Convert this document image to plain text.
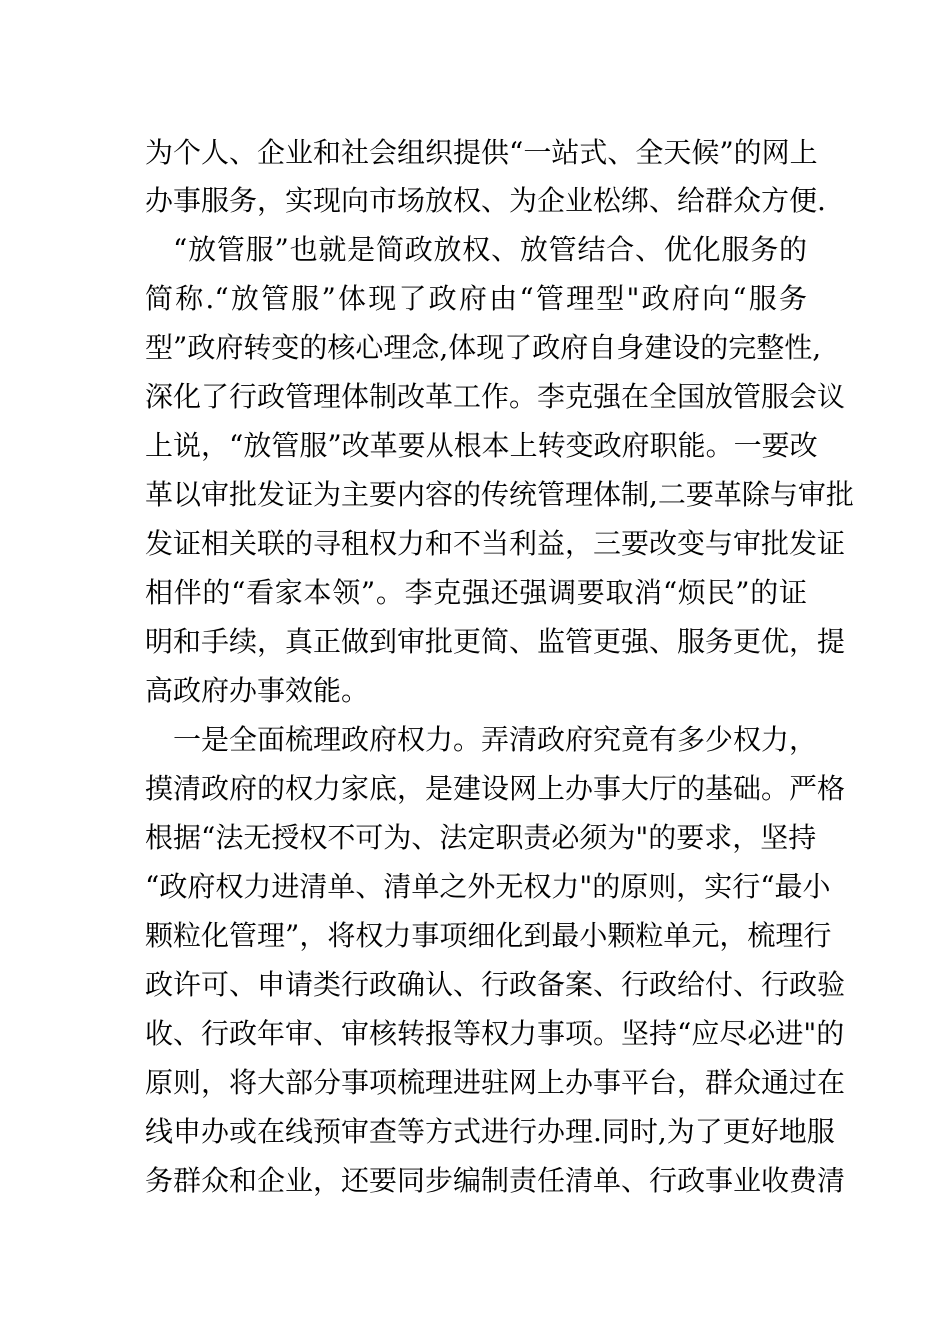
为个人、企业和社会组织提供“一站式、全天候”的网上
办事服务，实现向市场放权、为企业松绑、给群众方便.
“放管服”也就是简政放权、放管结合、优化服务的
简称.“放管服”体现了政府由“管理型"政府向“服务
型”政府转变的核心理念,体现了政府自身建设的完整性,
深化了行政管理体制改革工作。李克强在全国放管服会议
上说，“放管服”改革要从根本上转变政府职能。一要改
革以审批发证为主要内容的传统管理体制,二要革除与审批
发证相关联的寻租权力和不当利益，三要改变与审批发证
相伴的“看家本领”。李克强还强调要取消“烦民”的证
明和手续，真正做到审批更简、监管更强、服务更优，提
高政府办事效能。
一是全面梳理政府权力。弄清政府究竟有多少权力，
摸清政府的权力家底，是建设网上办事大厅的基础。严格
根据“法无授权不可为、法定职责必须为"的要求，坚持
“政府权力进清单、清单之外无权力"的原则，实行“最小
颗粒化管理”，将权力事项细化到最小颗粒单元，梳理行
政许可、申请类行政确认、行政备案、行政给付、行政验
收、行政年审、审核转报等权力事项。坚持“应尽必进"的
原则，将大部分事项梳理进驻网上办事平台，群众通过在
线申办或在线预审查等方式进行办理.同时,为了更好地服
务群众和企业，还要同步编制责任清单、行政事业收费清
